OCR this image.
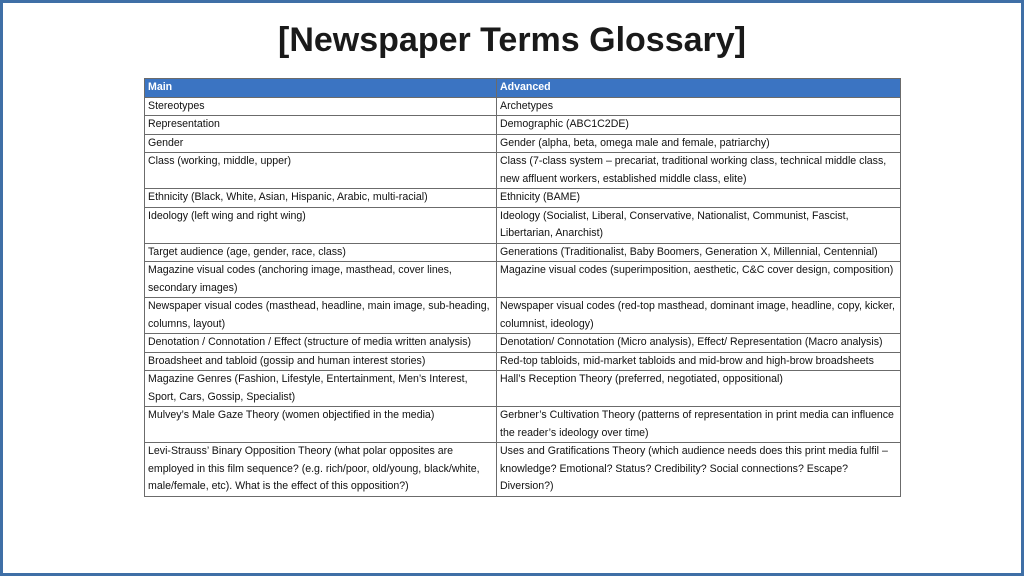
[Newspaper Terms Glossary]
Main	Advanced
Stereotypes	Archetypes
Representation	Demographic (ABC1C2DE)
Gender	Gender (alpha, beta, omega male and female, patriarchy)
Class (working, middle, upper)	Class (7-class system – precariat, traditional working class, technical middle class, new affluent workers, established middle class, elite)
Ethnicity (Black, White, Asian, Hispanic, Arabic, multi-racial)	Ethnicity (BAME)
Ideology (left wing and right wing)	Ideology (Socialist, Liberal, Conservative, Nationalist, Communist, Fascist, Libertarian, Anarchist)
Target audience (age, gender, race, class)	Generations (Traditionalist, Baby Boomers, Generation X, Millennial, Centennial)
Magazine visual codes (anchoring image, masthead, cover lines, secondary images)	Magazine visual codes (superimposition, aesthetic, C&C cover design, composition)
Newspaper visual codes (masthead, headline, main image, sub-heading, columns, layout)	Newspaper visual codes (red-top masthead, dominant image, headline, copy, kicker, columnist, ideology)
Denotation / Connotation / Effect (structure of media written analysis)	Denotation/ Connotation (Micro analysis), Effect/ Representation (Macro analysis)
Broadsheet and tabloid (gossip and human interest stories)	Red-top tabloids, mid-market tabloids and mid-brow and high-brow broadsheets
Magazine Genres (Fashion, Lifestyle, Entertainment, Men’s Interest, Sport, Cars, Gossip, Specialist)	Hall’s Reception Theory (preferred, negotiated, oppositional)
Mulvey’s Male Gaze Theory (women objectified in the media)	Gerbner’s Cultivation Theory (patterns of representation in print media can influence the reader’s ideology over time)
Levi-Strauss’ Binary Opposition Theory (what polar opposites are employed in this film sequence? (e.g. rich/poor, old/young, black/white, male/female, etc). What is the effect of this opposition?)	Uses and Gratifications Theory (which audience needs does this print media fulfil – knowledge? Emotional? Status? Credibility? Social connections? Escape? Diversion?)
